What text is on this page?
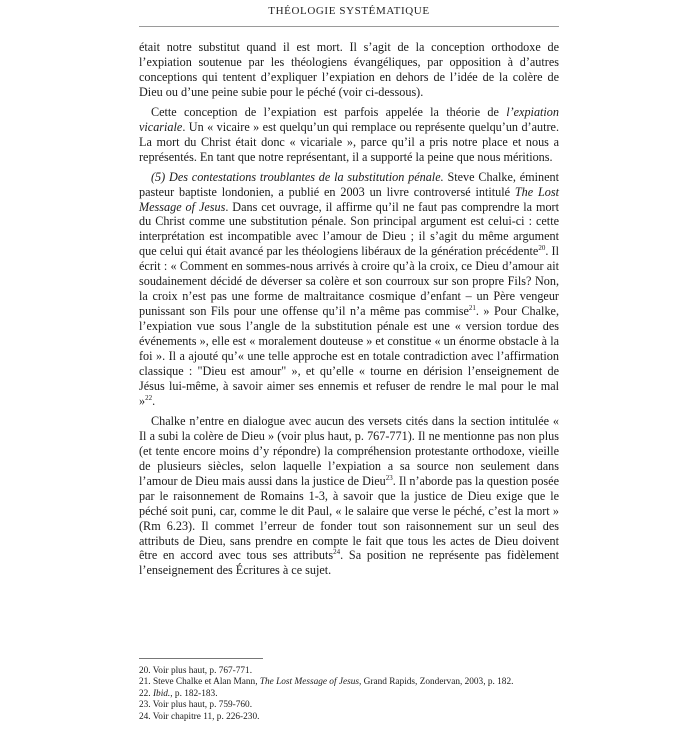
THÉOLOGIE SYSTÉMATIQUE

était notre substitut quand il est mort. Il s’agit de la conception orthodoxe de l’expiation soutenue par les théologiens évangéliques, par opposition à d’autres conceptions qui tentent d’expliquer l’expiation en dehors de l’idée de la colère de Dieu ou d’une peine subie pour le péché (voir ci-dessous).

Cette conception de l’expiation est parfois appelée la théorie de l’expiation vicariale. Un « vicaire » est quelqu’un qui remplace ou représente quelqu’un d’autre. La mort du Christ était donc « vicariale », parce qu’il a pris notre place et nous a représentés. En tant que notre représentant, il a supporté la peine que nous méritions.

(5) Des contestations troublantes de la substitution pénale. Steve Chalke, éminent pasteur baptiste londonien, a publié en 2003 un livre controversé intitulé The Lost Message of Jesus. Dans cet ouvrage, il affirme qu’il ne faut pas comprendre la mort du Christ comme une substitution pénale. Son principal argument est celui-ci : cette interprétation est incompatible avec l’amour de Dieu ; il s’agit du même argument que celui qui était avancé par les théologiens libéraux de la génération précédente$^{20}$. Il écrit : « Comment en sommes-nous arrivés à croire qu’à la croix, ce Dieu d’amour ait soudainement décidé de déverser sa colère et son courroux sur son propre Fils? Non, la croix n’est pas une forme de maltraitance cosmique d’enfant – un Père vengeur punissant son Fils pour une offense qu’il n’a même pas commise$^{21}$. » Pour Chalke, l’expiation vue sous l’angle de la substitution pénale est une « version tordue des événements », elle est « moralement douteuse » et constitue « un énorme obstacle à la foi ». Il a ajouté qu’« une telle approche est en totale contradiction avec l’affirmation classique : "Dieu est amour" », et qu’elle « tourne en dérision l’enseignement de Jésus lui-même, à savoir aimer ses ennemis et refuser de rendre le mal pour le mal »$^{22}$.

Chalke n’entre en dialogue avec aucun des versets cités dans la section intitulée « Il a subi la colère de Dieu » (voir plus haut, p. 767-771). Il ne mentionne pas non plus (et tente encore moins d’y répondre) la compréhension protestante orthodoxe, vieille de plusieurs siècles, selon laquelle l’expiation a sa source non seulement dans l’amour de Dieu mais aussi dans la justice de Dieu$^{23}$. Il n’aborde pas la question posée par le raisonnement de Romains 1-3, à savoir que la justice de Dieu exige que le péché soit puni, car, comme le dit Paul, « le salaire que verse le péché, c’est la mort » (Rm 6.23). Il commet l’erreur de fonder tout son raisonnement sur un seul des attributs de Dieu, sans prendre en compte le fait que tous les actes de Dieu doivent être en accord avec tous ses attributs$^{24}$. Sa position ne représente pas fidèlement l’enseignement des Écritures à ce sujet.

20. Voir plus haut, p. 767-771.

21. Steve Chalke et Alan Mann, The Lost Message of Jesus, Grand Rapids, Zondervan, 2003, p. 182.

22. Ibid., p. 182-183.

23. Voir plus haut, p. 759-760.

24. Voir chapitre 11, p. 226-230.
